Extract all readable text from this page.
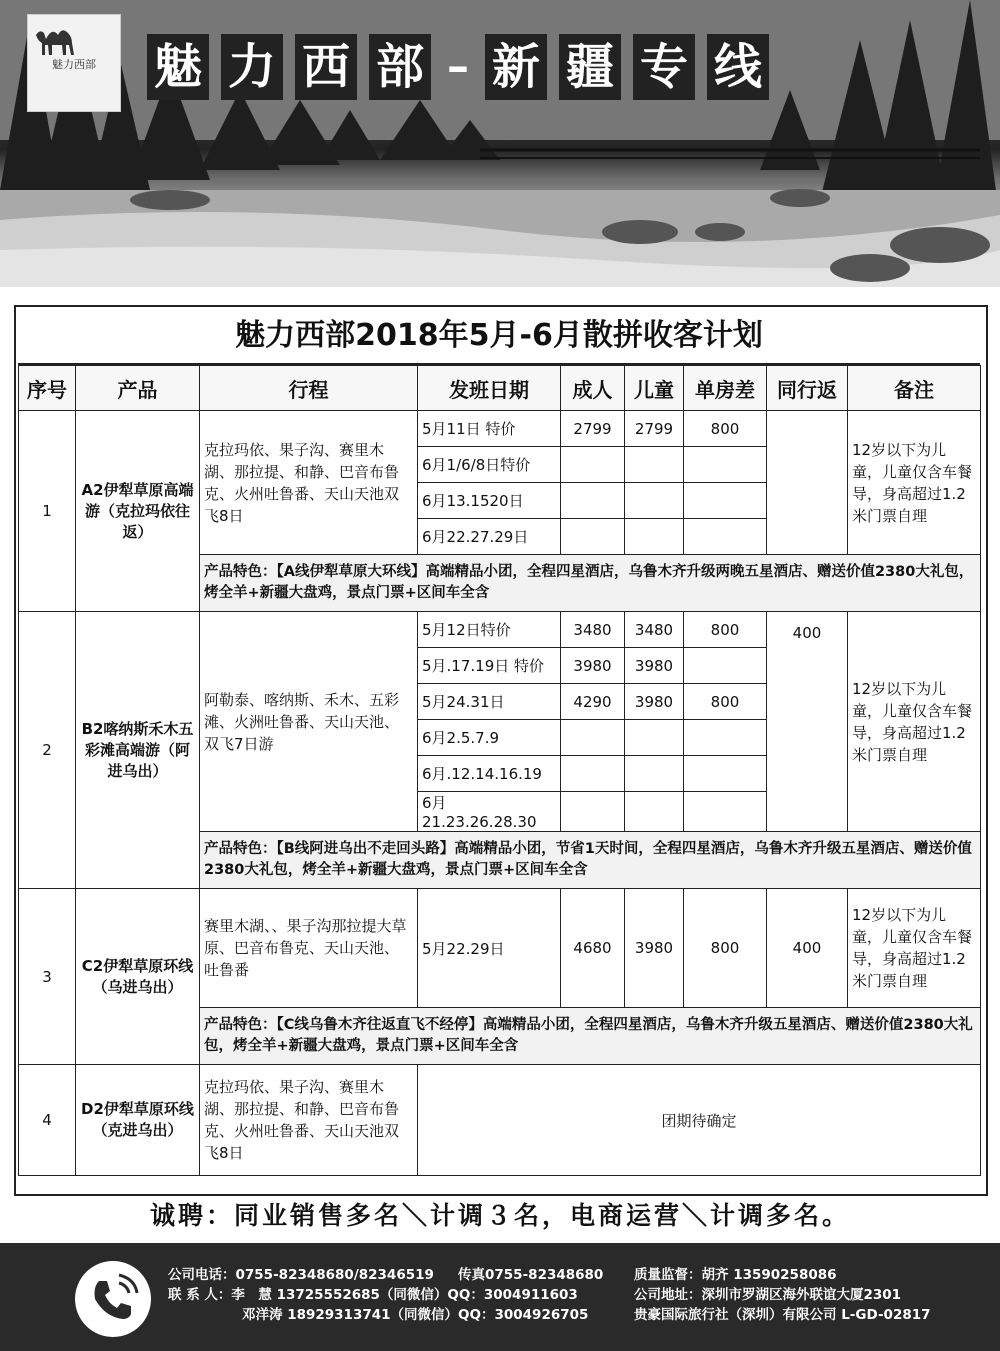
魅力西部 魅 力 西 部 – 新 疆 专 线
魅力西部2018年5月-6月散拼收客计划
序号	产品	行程	发班日期	成人	儿童	单房差	同行返	备注
1	A2伊犁草原高端游（克拉玛依往返）	克拉玛依、果子沟、赛里木湖、那拉提、和静、巴音布鲁克、火州吐鲁番、天山天池双飞8日	5月11日 特价	2799	2799	800		12岁以下为儿童，儿童仅含车餐导，身高超过1.2米门票自理
			6月1/6/8日特价					
			6月13.1520日					
			6月22.27.29日					
		产品特色：【A线伊犁草原大环线】高端精品小团，全程四星酒店，乌鲁木齐升级两晚五星酒店、赠送价值2380大礼包，烤全羊+新疆大盘鸡，景点门票+区间车全含						
2	B2喀纳斯禾木五彩滩高端游（阿进乌出）	阿勒泰、喀纳斯、禾木、五彩滩、火洲吐鲁番、天山天池、双飞7日游	5月12日特价	3480	3480	800	400	12岁以下为儿童，儿童仅含车餐导，身高超过1.2米门票自理
			5月.17.19日 特价	3980	3980			
			5月24.31日	4290	3980	800		
			6月2.5.7.9					
			6月.12.14.16.19					
			6月21.23.26.28.30					
		产品特色：【B线阿进乌出不走回头路】高端精品小团，节省1天时间，全程四星酒店，乌鲁木齐升级五星酒店、赠送价值2380大礼包，烤全羊+新疆大盘鸡，景点门票+区间车全含						
3	C2伊犁草原环线（乌进乌出）	赛里木湖、、果子沟那拉提大草原、巴音布鲁克、天山天池、吐鲁番	5月22.29日	4680	3980	800	400	12岁以下为儿童，儿童仅含车餐导，身高超过1.2米门票自理
		产品特色：【C线乌鲁木齐往返直飞不经停】高端精品小团，全程四星酒店，乌鲁木齐升级五星酒店、赠送价值2380大礼包，烤全羊+新疆大盘鸡，景点门票+区间车全含						
4	D2伊犁草原环线（克进乌出）	克拉玛依、果子沟、赛里木湖、那拉提、和静、巴音布鲁克、火州吐鲁番、天山天池双飞8日	团期待确定					
诚聘：同业销售多名＼计调３名，电商运营＼计调多名。
公司电话：0755-82348680/82346519
联 系 人：李　慧 13725552685（同微信）QQ：3004911603
邓洋涛 18929313741（同微信）QQ：3004926705
传真0755-82348680 质量监督：胡齐 13590258086
公司地址：深圳市罗湖区海外联谊大厦2301
贵豪国际旅行社（深圳）有限公司 L-GD-02817
